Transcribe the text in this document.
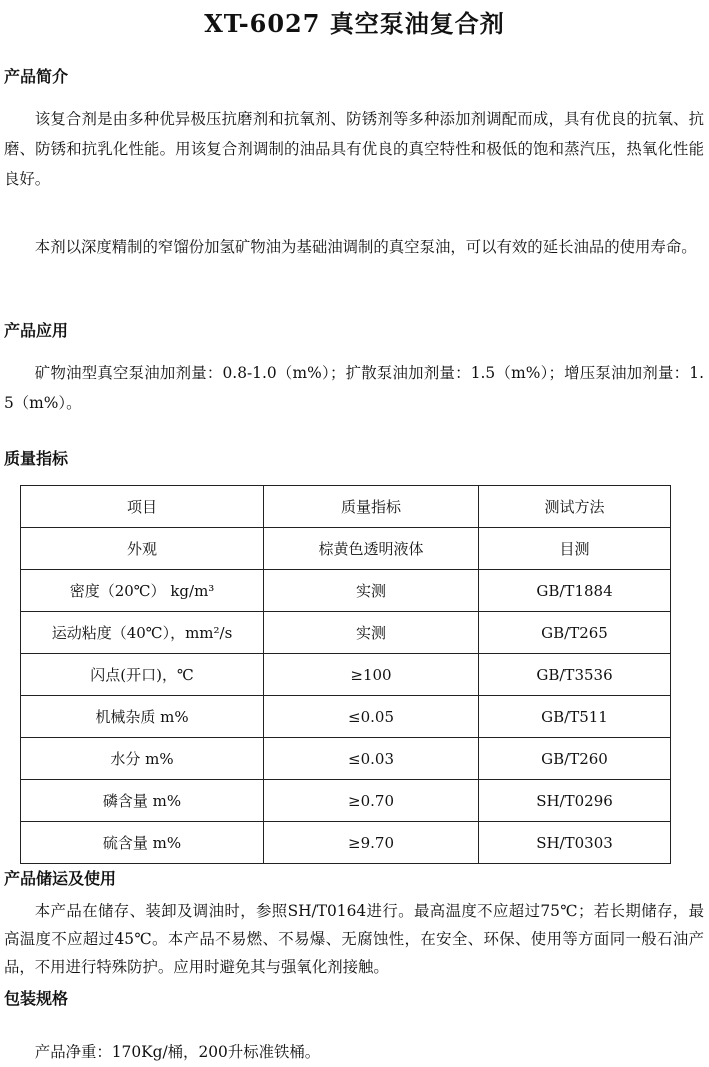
XT-6027 真空泵油复合剂
产品简介
该复合剂是由多种优异极压抗磨剂和抗氧剂、防锈剂等多种添加剂调配而成，具有优良的抗氧、抗磨、防锈和抗乳化性能。用该复合剂调制的油品具有优良的真空特性和极低的饱和蒸汽压，热氧化性能良好。
本剂以深度精制的窄馏份加氢矿物油为基础油调制的真空泵油，可以有效的延长油品的使用寿命。
产品应用
矿物油型真空泵油加剂量：0.8-1.0（m%）；扩散泵油加剂量：1.5（m%）；增压泵油加剂量：1.5（m%）。
质量指标
项目	质量指标	测试方法
外观	棕黄色透明液体	目测
密度（20℃） kg/m³	实测	GB/T1884
运动粘度（40℃），mm²/s	实测	GB/T265
闪点(开口)，℃	≥100	GB/T3536
机械杂质 m%	≤0.05	GB/T511
水分 m%	≤0.03	GB/T260
磷含量 m%	≥0.70	SH/T0296
硫含量 m%	≥9.70	SH/T0303
产品储运及使用
本产品在储存、装卸及调油时，参照SH/T0164进行。最高温度不应超过75℃；若长期储存，最高温度不应超过45℃。本产品不易燃、不易爆、无腐蚀性，在安全、环保、使用等方面同一般石油产品，不用进行特殊防护。应用时避免其与强氧化剂接触。
包装规格
产品净重：170Kg/桶，200升标准铁桶。
